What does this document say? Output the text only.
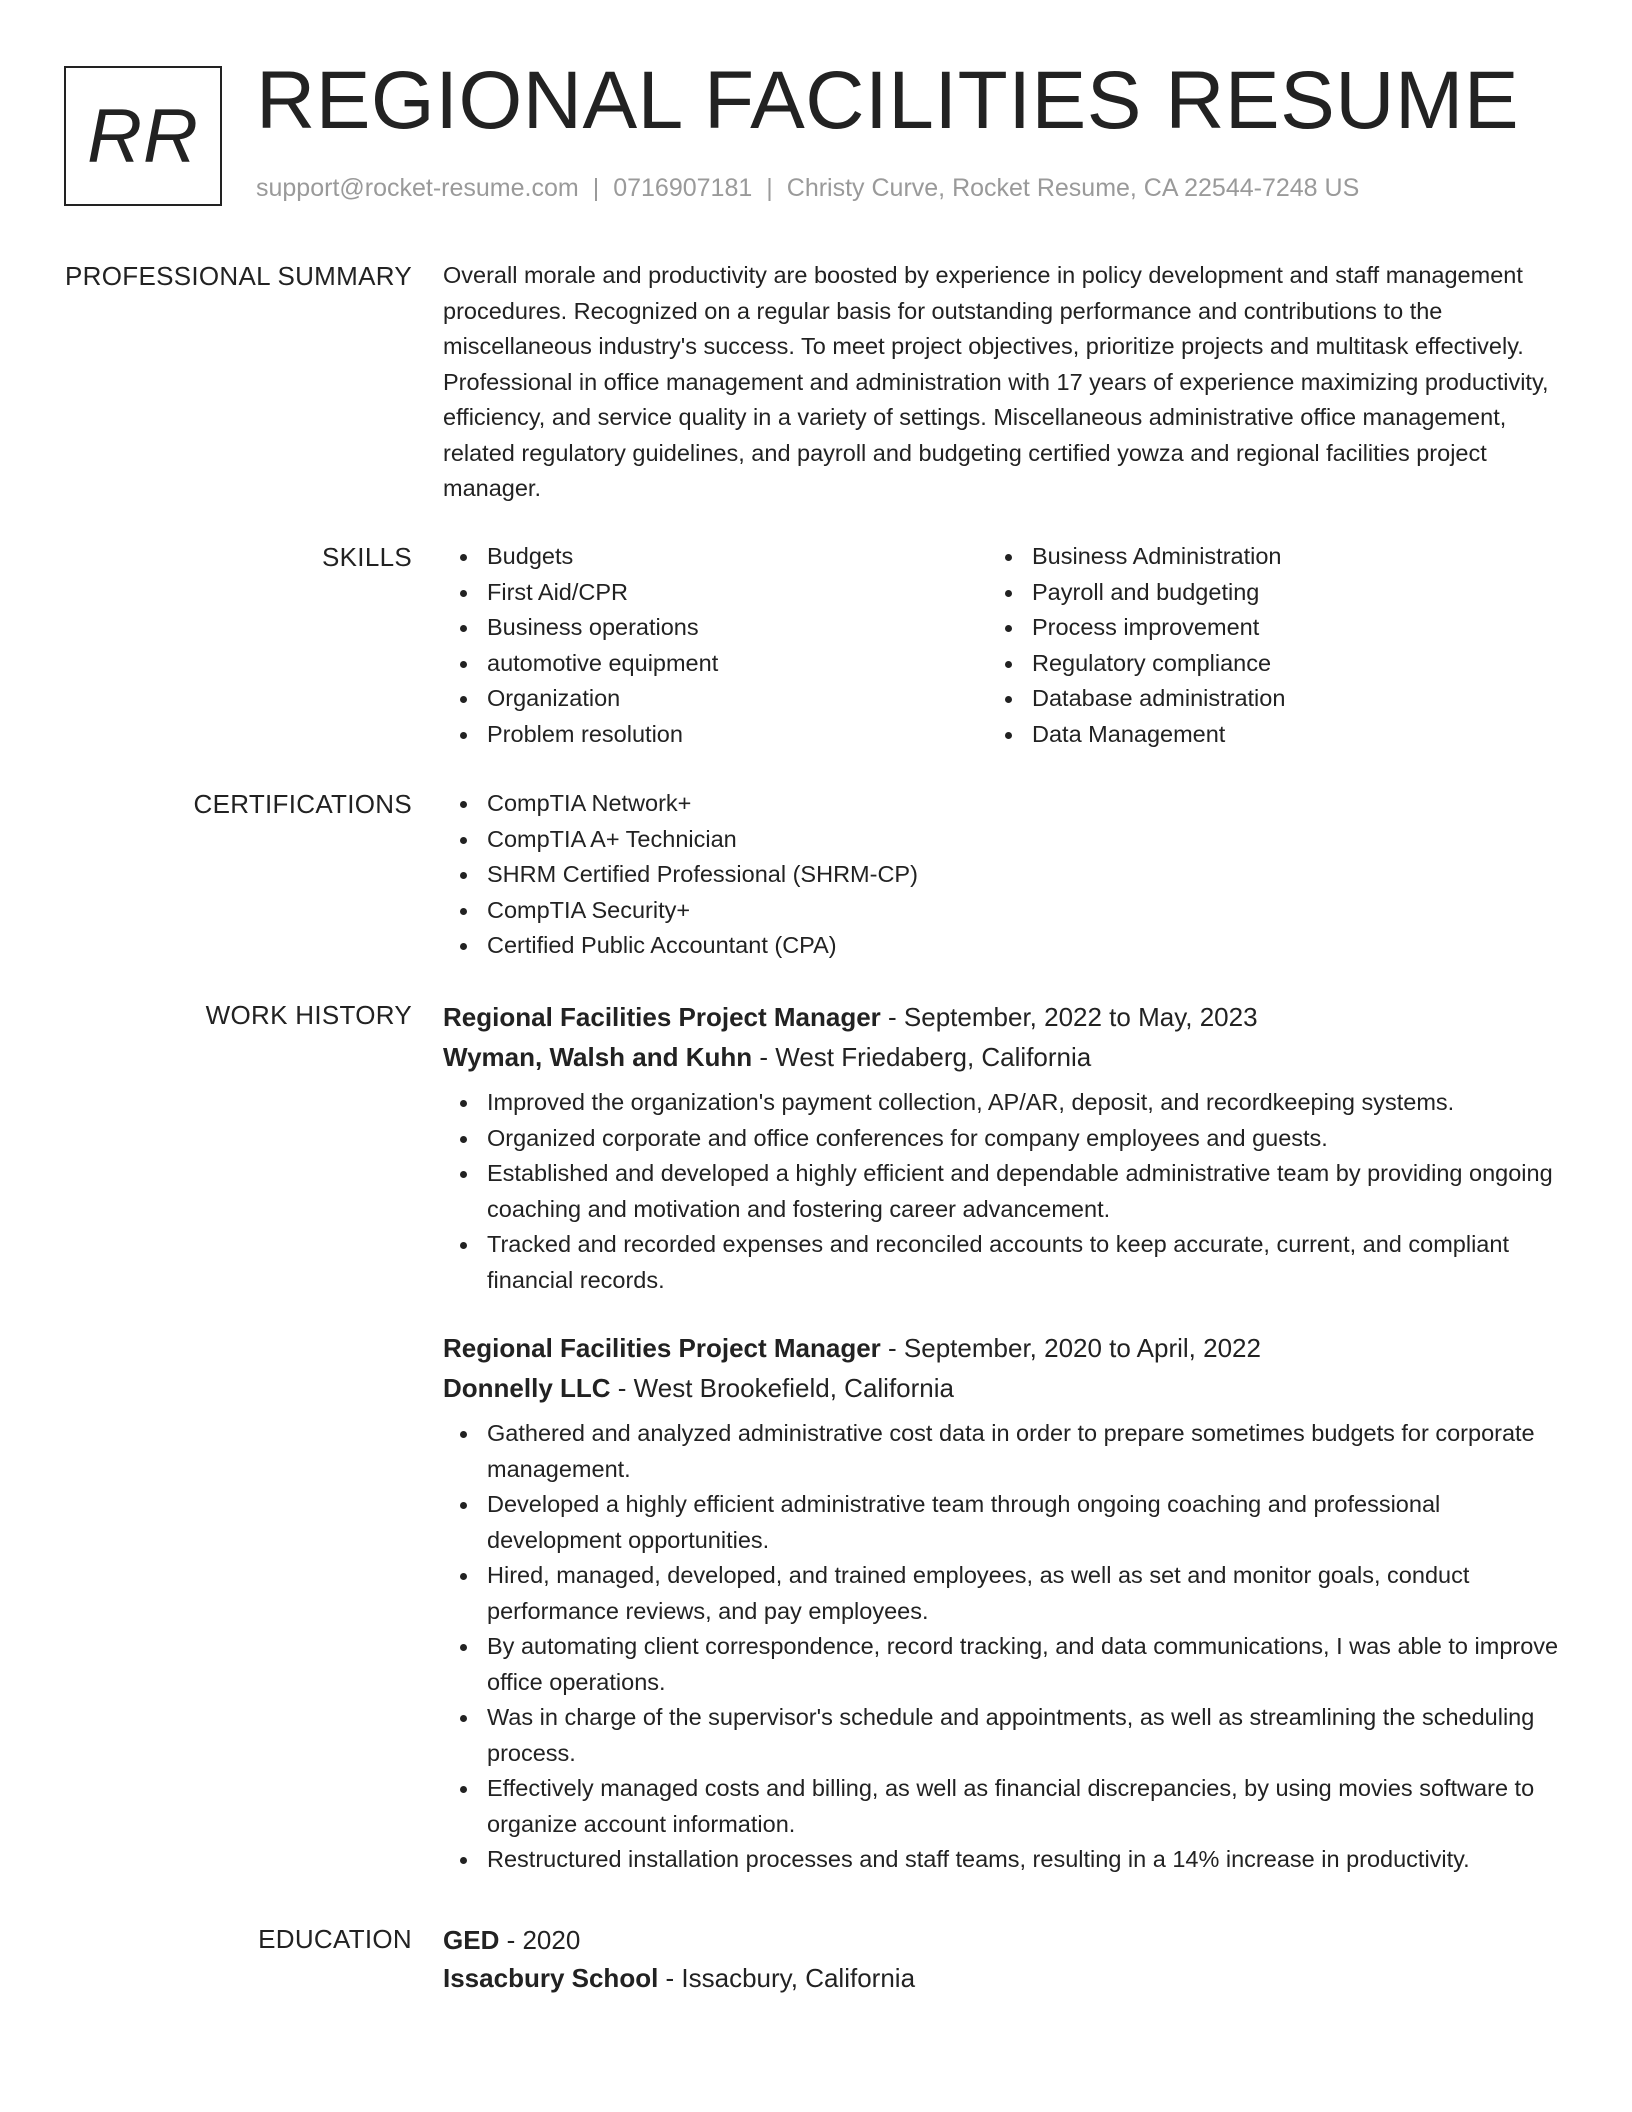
RR REGIONAL FACILITIES RESUME
support@rocket-resume.com | 0716907181 | Christy Curve, Rocket Resume, CA 22544-7248 US
PROFESSIONAL SUMMARY Overall morale and productivity are boosted by experience in policy development and staff management procedures. Recognized on a regular basis for outstanding performance and contributions to the miscellaneous industry's success. To meet project objectives, prioritize projects and multitask effectively. Professional in office management and administration with 17 years of experience maximizing productivity, efficiency, and service quality in a variety of settings. Miscellaneous administrative office management, related regulatory guidelines, and payroll and budgeting certified yowza and regional facilities project manager.

SKILLS	Budgets
First Aid/CPR
Business operations
automotive equipment
Organization
Problem resolution
Business Administration
Payroll and budgeting
Process improvement
Regulatory compliance
Database administration
Data Management
CERTIFICATIONS	CompTIA Network+
CompTIA A+ Technician
SHRM Certified Professional (SHRM-CP)
CompTIA Security+
Certified Public Accountant (CPA)
WORK HISTORY Regional Facilities Project Manager - September, 2022 to May, 2023
Wyman, Walsh and Kuhn - West Friedaberg, California
Improved the organization's payment collection, AP/AR, deposit, and recordkeeping systems.
Organized corporate and office conferences for company employees and guests.
Established and developed a highly efficient and dependable administrative team by providing ongoing coaching and motivation and fostering career advancement.
Tracked and recorded expenses and reconciled accounts to keep accurate, current, and compliant financial records.
Regional Facilities Project Manager - September, 2020 to April, 2022
Donnelly LLC - West Brookefield, California
Gathered and analyzed administrative cost data in order to prepare sometimes budgets for corporate management.
Developed a highly efficient administrative team through ongoing coaching and professional development opportunities.
Hired, managed, developed, and trained employees, as well as set and monitor goals, conduct performance reviews, and pay employees.
By automating client correspondence, record tracking, and data communications, I was able to improve office operations.
Was in charge of the supervisor's schedule and appointments, as well as streamlining the scheduling process.
Effectively managed costs and billing, as well as financial discrepancies, by using movies software to organize account information.
Restructured installation processes and staff teams, resulting in a 14% increase in productivity.
EDUCATION GED - 2020
Issacbury School - Issacbury, California
